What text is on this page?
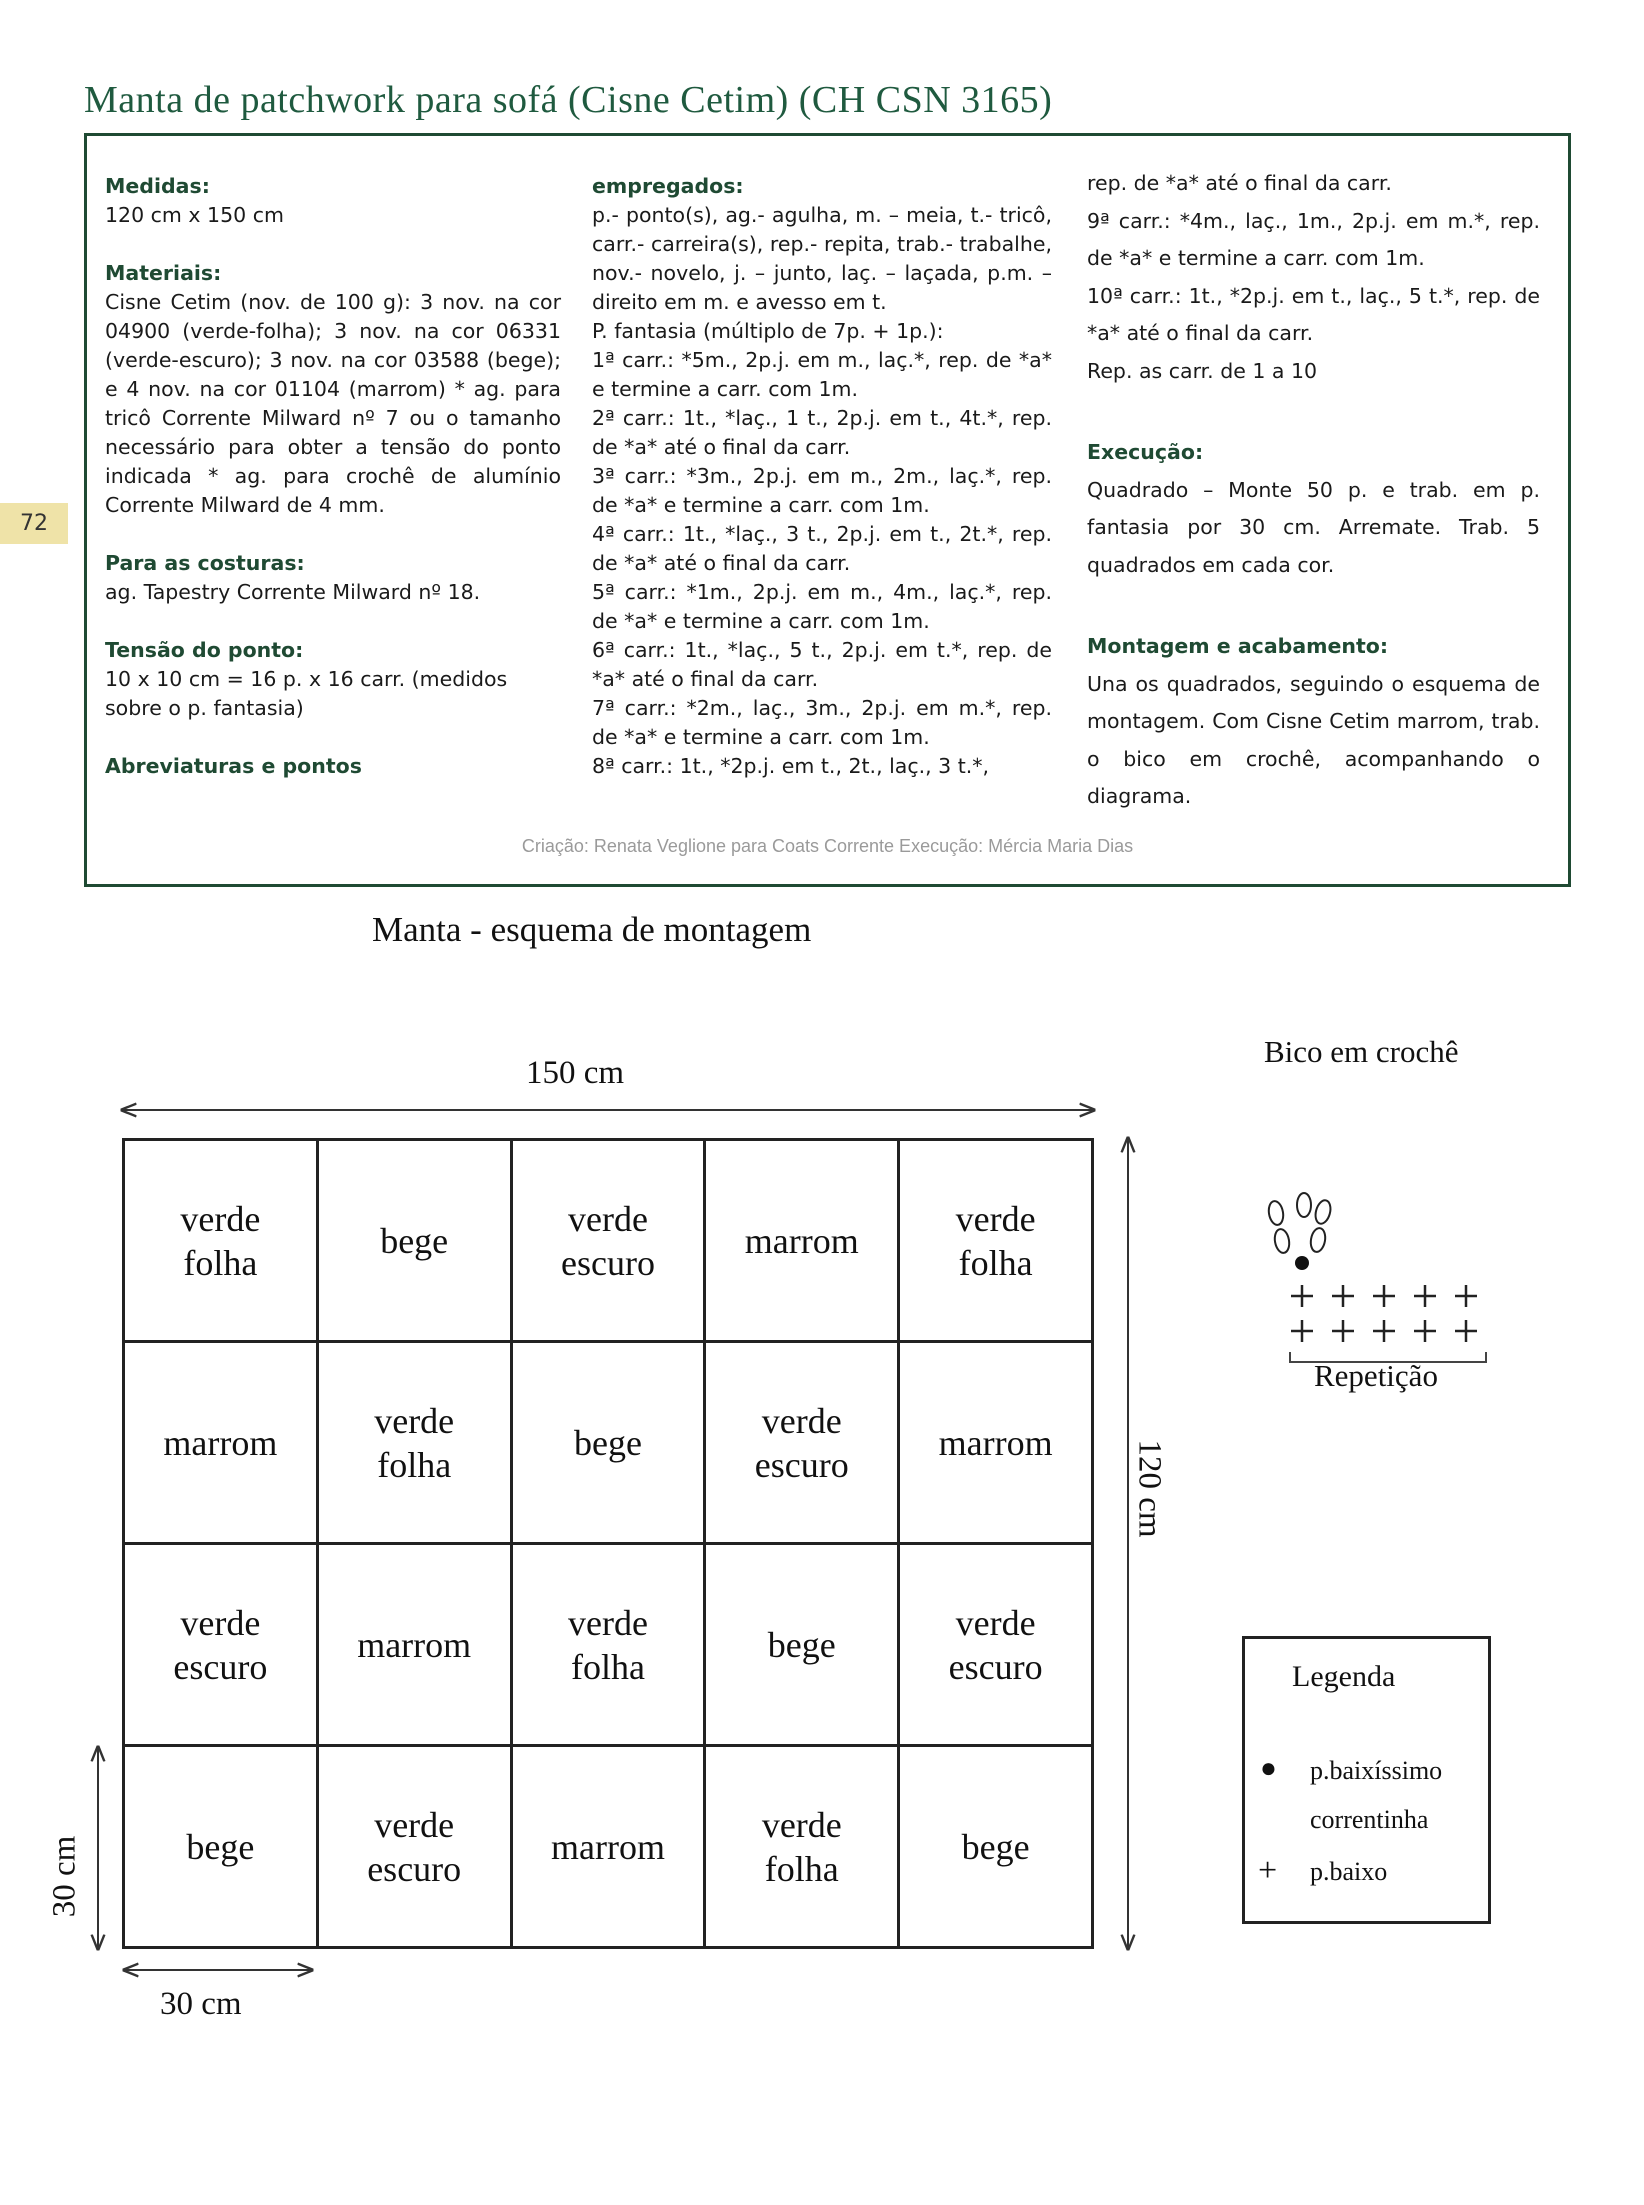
Manta de patchwork para sofá (Cisne Cetim) (CH CSN 3165)
72

Medidas:

120 cm x 150 cm

Materiais:

Cisne Cetim (nov. de 100 g): 3 nov. na cor 04900 (verde-folha); 3 nov. na cor 06331 (verde-escuro); 3 nov. na cor 03588 (bege); e 4 nov. na cor 01104 (marrom) * ag. para tricô Corrente Milward nº 7 ou o tamanho necessário para obter a tensão do ponto indicada * ag. para crochê de alumínio Corrente Milward de 4 mm.

Para as costuras:

ag. Tapestry Corrente Milward nº 18.

Tensão do ponto:

10 x 10 cm = 16 p. x 16 carr. (medidos sobre o p. fantasia)

Abreviaturas e pontos

empregados:

p.- ponto(s), ag.- agulha, m. – meia, t.- tricô, carr.- carreira(s), rep.- repita, trab.- trabalhe, nov.- novelo, j. – junto, laç. – laçada, p.m. – direito em m. e avesso em t.

P. fantasia (múltiplo de 7p. + 1p.):

1ª carr.: *5m., 2p.j. em m., laç.*, rep. de *a* e termine a carr. com 1m.

2ª carr.: 1t., *laç., 1 t., 2p.j. em t., 4t.*, rep. de *a* até o final da carr.

3ª carr.: *3m., 2p.j. em m., 2m., laç.*, rep. de *a* e termine a carr. com 1m.

4ª carr.: 1t., *laç., 3 t., 2p.j. em t., 2t.*, rep. de *a* até o final da carr.

5ª carr.: *1m., 2p.j. em m., 4m., laç.*, rep. de *a* e termine a carr. com 1m.

6ª carr.: 1t., *laç., 5 t., 2p.j. em t.*, rep. de *a* até o final da carr.

7ª carr.: *2m., laç., 3m., 2p.j. em m.*, rep. de *a* e termine a carr. com 1m.

8ª carr.: 1t., *2p.j. em t., 2t., laç., 3 t.*,

rep. de *a* até o final da carr.

9ª carr.: *4m., laç., 1m., 2p.j. em m.*, rep. de *a* e termine a carr. com 1m.

10ª carr.: 1t., *2p.j. em t., laç., 5 t.*, rep. de *a* até o final da carr.

Rep. as carr. de 1 a 10

Execução:

Quadrado – Monte 50 p. e trab. em p. fantasia por 30 cm. Arremate. Trab. 5 quadrados em cada cor.

Montagem e acabamento:

Una os quadrados, seguindo o esquema de montagem. Com Cisne Cetim marrom, trab. o bico em crochê, acompanhando o diagrama.

Criação: Renata Veglione para Coats Corrente Execução: Mércia Maria Dias
Manta - esquema de montagem
150 cm
120 cm
30 cm
30 cm
verde
folha
bege
verde
escuro
marrom
verde
folha
marrom
verde
folha
bege
verde
escuro
marrom
verde
escuro
marrom
verde
folha
bege
verde
escuro
bege
verde
escuro
marrom
verde
folha
bege
Bico em crochê
Repetição
Legenda
● p.baixíssimo
correntinha
+ p.baixo
